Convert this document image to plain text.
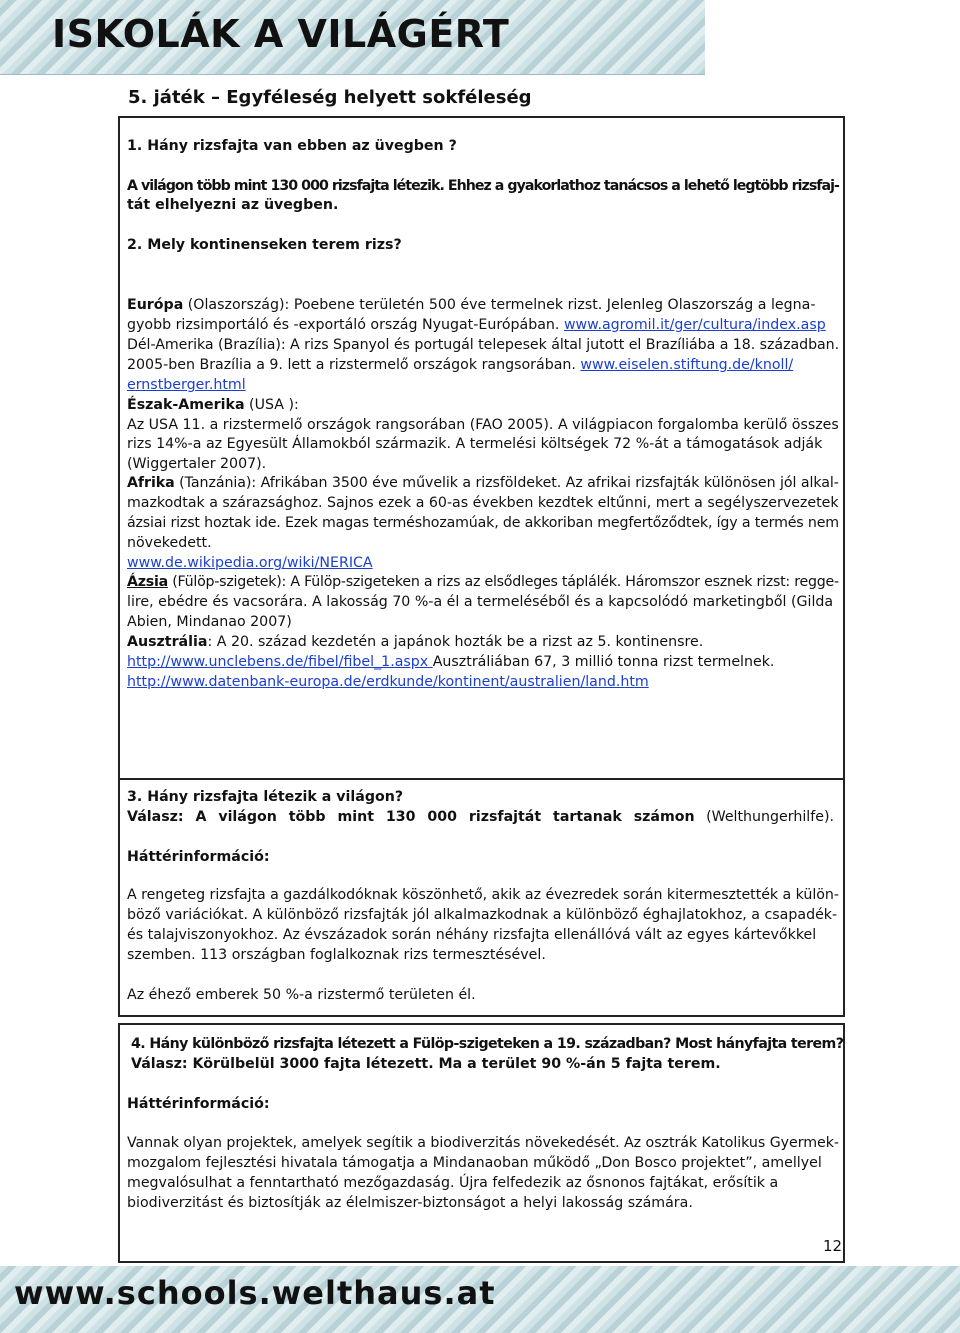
ISKOLÁK A VILÁGÉRT
5. játék – Egyféleség helyett sokféleség
1. Hány rizsfajta van ebben az üvegben ?
A világon több mint 130 000 rizsfajta létezik. Ehhez a gyakorlathoz tanácsos a lehető legtöbb rizsfaj-
tát elhelyezni az üvegben.
2. Mely kontinenseken terem rizs?
Európa (Olaszország): Poebene területén 500 éve termelnek rizst. Jelenleg Olaszország a legna-
gyobb rizsimportáló és -exportáló ország Nyugat-Európában. www.agromil.it/ger/cultura/index.asp
Dél-Amerika (Brazília): A rizs Spanyol és portugál telepesek által jutott el Brazíliába a 18. században.
2005-ben Brazília a 9. lett a rizstermelő országok rangsorában. www.eiselen.stiftung.de/knoll/
ernstberger.html
Észak-Amerika (USA ):
Az USA 11. a rizstermelő országok rangsorában (FAO 2005). A világpiacon forgalomba kerülő összes
rizs 14%-a az Egyesült Államokból származik. A termelési költségek 72 %-át a támogatások adják
(Wiggertaler 2007).
Afrika (Tanzánia): Afrikában 3500 éve művelik a rizsföldeket. Az afrikai rizsfajták különösen jól alkal-
mazkodtak a szárazsághoz. Sajnos ezek a 60-as években kezdtek eltűnni, mert a segélyszervezetek
ázsiai rizst hoztak ide. Ezek magas terméshozamúak, de akkoriban megfertőződtek, így a termés nem
növekedett.
www.de.wikipedia.org/wiki/NERICA
Ázsia (Fülöp-szigetek): A Fülöp-szigeteken a rizs az elsődleges táplálék. Háromszor esznek rizst: regge-
lire, ebédre és vacsorára. A lakosság 70 %-a él a termeléséből és a kapcsolódó marketingből (Gilda
Abien, Mindanao 2007)
Ausztrália: A 20. század kezdetén a japánok hozták be a rizst az 5. kontinensre.
http://www.unclebens.de/fibel/fibel_1.aspx Ausztráliában 67, 3 millió tonna rizst termelnek.
http://www.datenbank-europa.de/erdkunde/kontinent/australien/land.htm
3. Hány rizsfajta létezik a világon?
Válasz: A világon több mint 130 000 rizsfajtát tartanak számon (Welthungerhilfe).
Háttérinformáció:
A rengeteg rizsfajta a gazdálkodóknak köszönhető, akik az évezredek során kitermesztették a külön-
böző variációkat. A különböző rizsfajták jól alkalmazkodnak a különböző éghajlatokhoz, a csapadék-
és talajviszonyokhoz. Az évszázadok során néhány rizsfajta ellenállóvá vált az egyes kártevőkkel
szemben. 113 országban foglalkoznak rizs termesztésével.
Az éhező emberek 50 %-a rizstermő területen él.
4. Hány különböző rizsfajta létezett a Fülöp-szigeteken a 19. században? Most hányfajta terem?
Válasz: Körülbelül 3000 fajta létezett. Ma a terület 90 %-án 5 fajta terem.
Háttérinformáció:
Vannak olyan projektek, amelyek segítik a biodiverzitás növekedését. Az osztrák Katolikus Gyermek-
mozgalom fejlesztési hivatala támogatja a Mindanaoban működő „Don Bosco projektet”, amellyel
megvalósulhat a fenntartható mezőgazdaság. Újra felfedezik az ősnonos fajtákat, erősítik a
biodiverzitást és biztosítják az élelmiszer-biztonságot a helyi lakosság számára.
12
www.schools.welthaus.at
